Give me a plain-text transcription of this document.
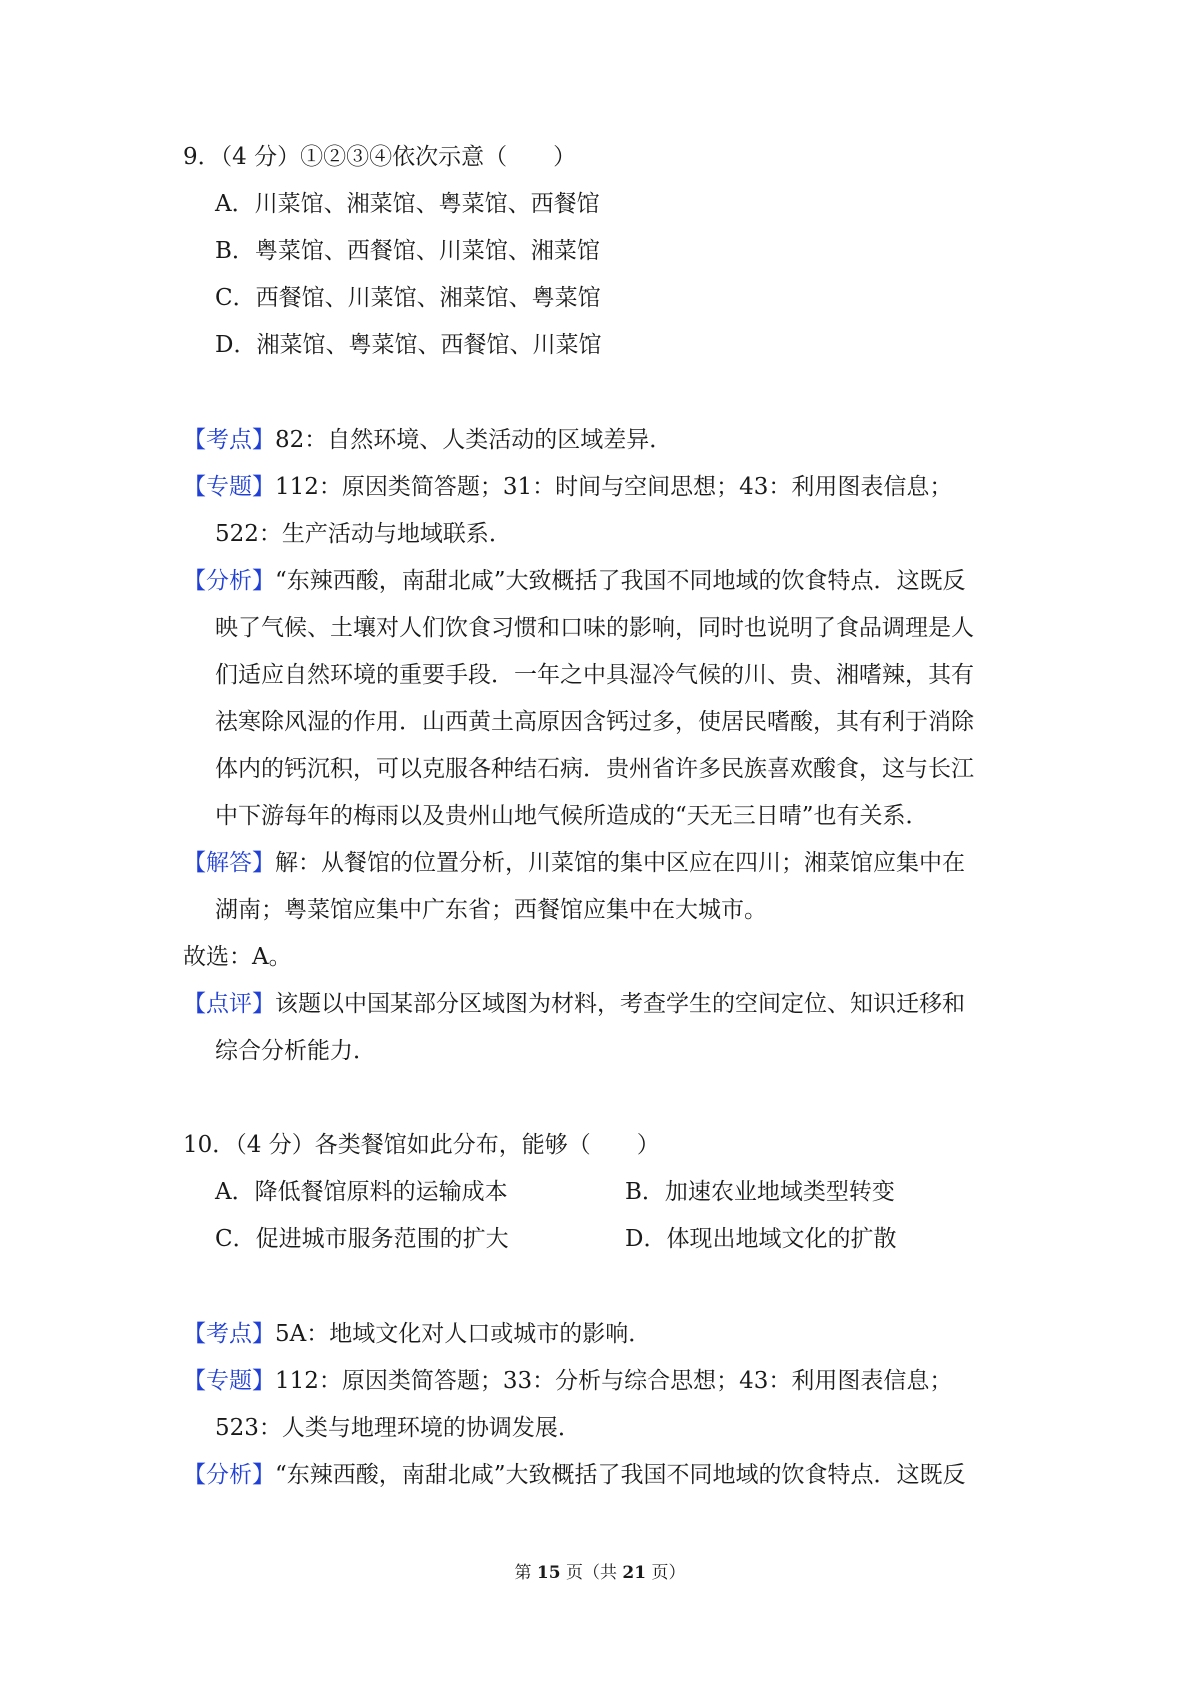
9．（4 分）①②③④依次示意（　　）
A．川菜馆、湘菜馆、粤菜馆、西餐馆
B．粤菜馆、西餐馆、川菜馆、湘菜馆
C．西餐馆、川菜馆、湘菜馆、粤菜馆
D．湘菜馆、粤菜馆、西餐馆、川菜馆
【考点】82：自然环境、人类活动的区域差异．
【专题】112：原因类简答题；31：时间与空间思想；43：利用图表信息；
522：生产活动与地域联系．
【分析】“东辣西酸，南甜北咸”大致概括了我国不同地域的饮食特点．这既反
映了气候、土壤对人们饮食习惯和口味的影响，同时也说明了食品调理是人
们适应自然环境的重要手段．一年之中具湿冷气候的川、贵、湘嗜辣，其有
祛寒除风湿的作用．山西黄土高原因含钙过多，使居民嗜酸，其有利于消除
体内的钙沉积，可以克服各种结石病．贵州省许多民族喜欢酸食，这与长江
中下游每年的梅雨以及贵州山地气候所造成的“天无三日晴”也有关系．
【解答】解：从餐馆的位置分析，川菜馆的集中区应在四川；湘菜馆应集中在
湖南；粤菜馆应集中广东省；西餐馆应集中在大城市。
故选：A。
【点评】该题以中国某部分区域图为材料，考查学生的空间定位、知识迁移和
综合分析能力．
10．（4 分）各类餐馆如此分布，能够（　　）
A．降低餐馆原料的运输成本	B．加速农业地域类型转变
C．促进城市服务范围的扩大	D．体现出地域文化的扩散
【考点】5A：地域文化对人口或城市的影响．
【专题】112：原因类简答题；33：分析与综合思想；43：利用图表信息；
523：人类与地理环境的协调发展．
【分析】“东辣西酸，南甜北咸”大致概括了我国不同地域的饮食特点．这既反
第 15 页（共 21 页）
